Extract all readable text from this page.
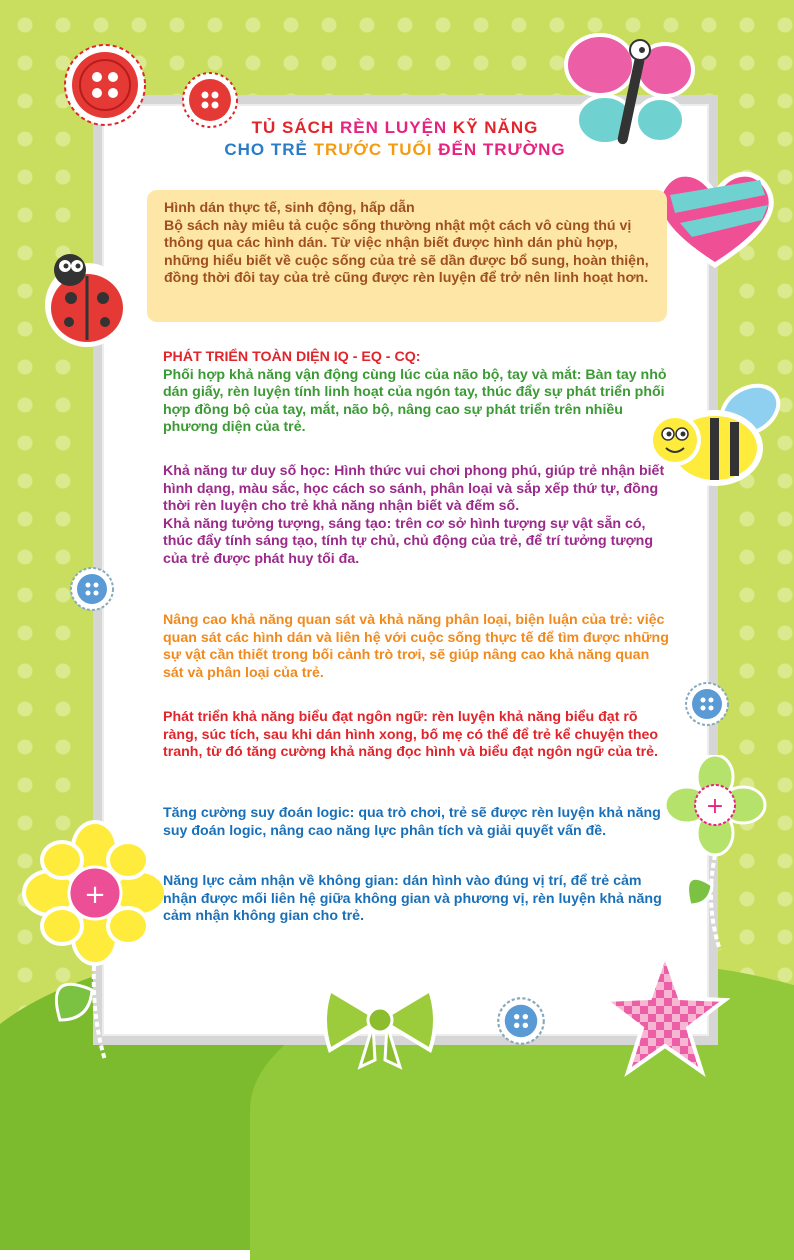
+
+
TỦ SÁCH RÈN LUYỆN KỸ NĂNG
CHO TRẺ TRƯỚC TUỔI ĐẾN TRƯỜNG

Hình dán thực tế, sinh động, hấp dẫn

Bộ sách này miêu tả cuộc sống thường nhật một cách vô cùng thú vị thông qua các hình dán. Từ việc nhận biết được hình dán phù hợp, những hiểu biết về cuộc sống của trẻ sẽ dần được bổ sung, hoàn thiện, đồng thời đôi tay của trẻ cũng được rèn luyện để trở nên linh hoạt hơn.

PHÁT TRIỂN TOÀN DIỆN IQ - EQ - CQ:

Phối hợp khả năng vận động cùng lúc của não bộ, tay và mắt: Bàn tay nhỏ dán giấy, rèn luyện tính linh hoạt của ngón tay, thúc đẩy sự phát triển phối hợp đồng bộ của tay, mắt, não bộ, nâng cao sự phát triển trên nhiều phương diện của trẻ.

Khả năng tư duy số học: Hình thức vui chơi phong phú, giúp trẻ nhận biết hình dạng, màu sắc, học cách so sánh, phân loại và sắp xếp thứ tự, đồng thời rèn luyện cho trẻ khả năng nhận biết và đếm số.

Khả năng tưởng tượng, sáng tạo: trên cơ sở hình tượng sự vật sẵn có, thúc đẩy tính sáng tạo, tính tự chủ, chủ động của trẻ, để trí tưởng tượng của trẻ được phát huy tối đa.

Nâng cao khả năng quan sát và khả năng phân loại, biện luận của trẻ: việc quan sát các hình dán và liên hệ với cuộc sống thực tế để tìm được những sự vật cần thiết trong bối cảnh trò trơi, sẽ giúp nâng cao khả năng quan sát và phân loại của trẻ.

Phát triển khả năng biểu đạt ngôn ngữ: rèn luyện khả năng biểu đạt rõ ràng, súc tích, sau khi dán hình xong, bố mẹ có thể để trẻ kể chuyện theo tranh, từ đó tăng cường khả năng đọc hình và biểu đạt ngôn ngữ của trẻ.

Tăng cường suy đoán logic: qua trò chơi, trẻ sẽ được rèn luyện khả năng suy đoán logic, nâng cao năng lực phân tích và giải quyết vấn đề.

Năng lực cảm nhận về không gian: dán hình vào đúng vị trí, để trẻ cảm nhận được mối liên hệ giữa không gian và phương vị, rèn luyện khả năng cảm nhận không gian cho trẻ.
